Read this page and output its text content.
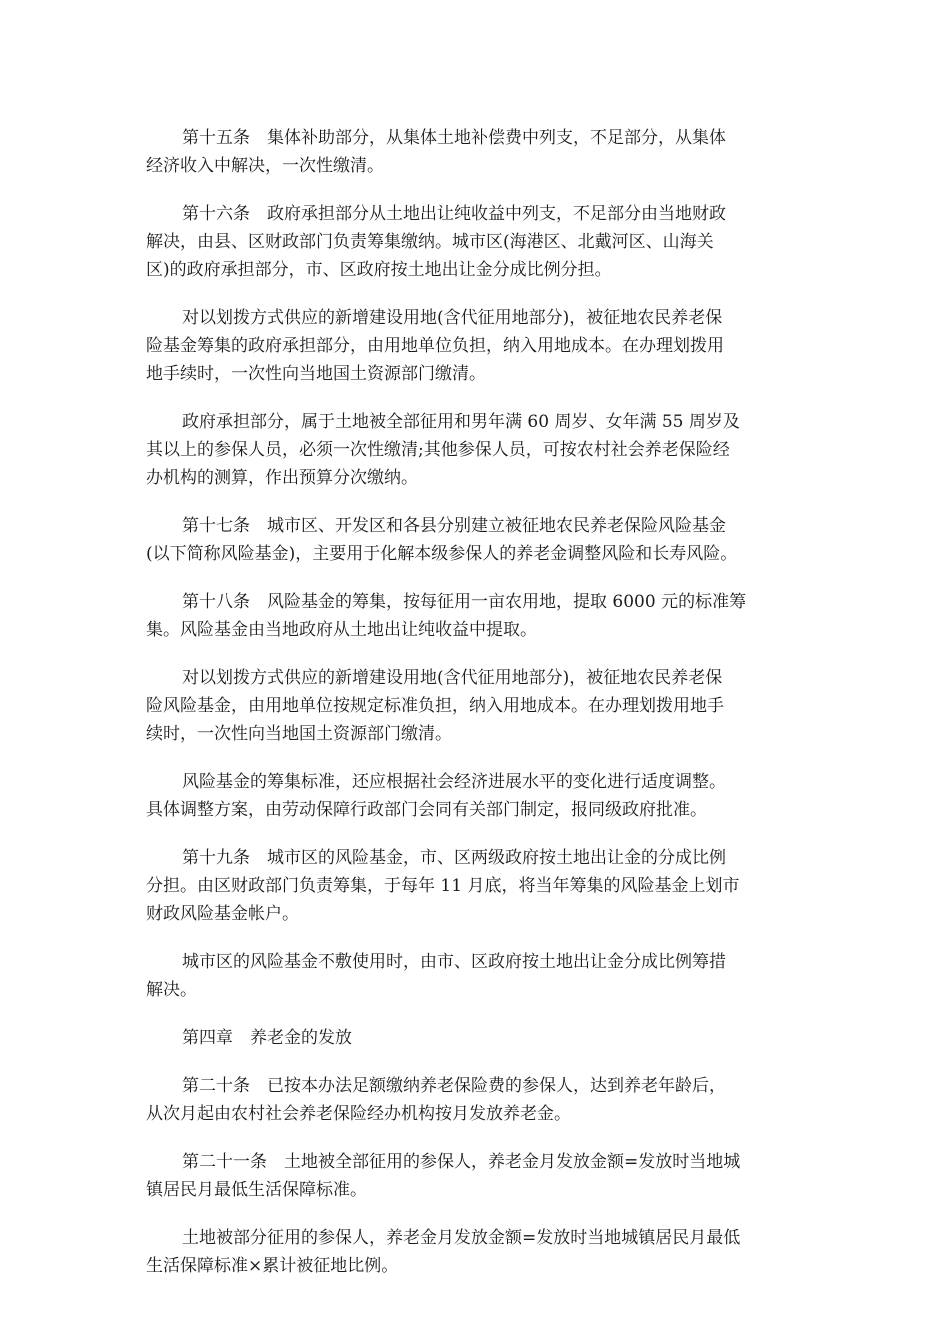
第十五条　集体补助部分，从集体土地补偿费中列支，不足部分，从集体
经济收入中解决，一次性缴清。

第十六条　政府承担部分从土地出让纯收益中列支，不足部分由当地财政
解决，由县、区财政部门负责筹集缴纳。城市区(海港区、北戴河区、山海关
区)的政府承担部分，市、区政府按土地出让金分成比例分担。

对以划拨方式供应的新增建设用地(含代征用地部分)，被征地农民养老保
险基金筹集的政府承担部分，由用地单位负担，纳入用地成本。在办理划拨用
地手续时，一次性向当地国土资源部门缴清。

政府承担部分，属于土地被全部征用和男年满 60 周岁、女年满 55 周岁及
其以上的参保人员，必须一次性缴清;其他参保人员，可按农村社会养老保险经
办机构的测算，作出预算分次缴纳。

第十七条　城市区、开发区和各县分别建立被征地农民养老保险风险基金
(以下简称风险基金)，主要用于化解本级参保人的养老金调整风险和长寿风险。

第十八条　风险基金的筹集，按每征用一亩农用地，提取 6000 元的标准筹
集。风险基金由当地政府从土地出让纯收益中提取。

对以划拨方式供应的新增建设用地(含代征用地部分)，被征地农民养老保
险风险基金，由用地单位按规定标准负担，纳入用地成本。在办理划拨用地手
续时，一次性向当地国土资源部门缴清。

风险基金的筹集标准，还应根据社会经济进展水平的变化进行适度调整。
具体调整方案，由劳动保障行政部门会同有关部门制定，报同级政府批准。

第十九条　城市区的风险基金，市、区两级政府按土地出让金的分成比例
分担。由区财政部门负责筹集，于每年 11 月底，将当年筹集的风险基金上划市
财政风险基金帐户。

城市区的风险基金不敷使用时，由市、区政府按土地出让金分成比例筹措
解决。

第四章　养老金的发放

第二十条　已按本办法足额缴纳养老保险费的参保人，达到养老年龄后，
从次月起由农村社会养老保险经办机构按月发放养老金。

第二十一条　土地被全部征用的参保人，养老金月发放金额=发放时当地城
镇居民月最低生活保障标准。

土地被部分征用的参保人，养老金月发放金额=发放时当地城镇居民月最低
生活保障标准×累计被征地比例。
